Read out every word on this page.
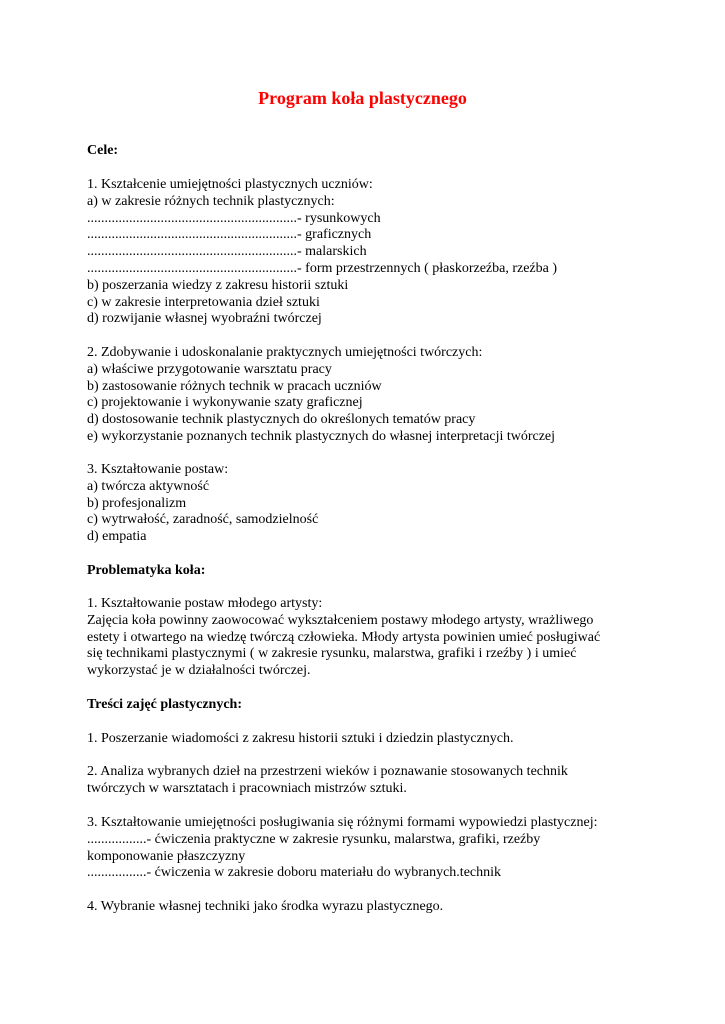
Program koła plastycznego
Cele:
1. Kształcenie umiejętności plastycznych uczniów:
a) w zakresie różnych technik plastycznych:
............................................................- rysunkowych
............................................................- graficznych
............................................................- malarskich
............................................................- form przestrzennych ( płaskorzeźba, rzeźba )
b) poszerzania wiedzy z zakresu historii sztuki
c) w zakresie interpretowania dzieł sztuki
d) rozwijanie własnej wyobraźni twórczej
2. Zdobywanie i udoskonalanie praktycznych umiejętności twórczych:
a) właściwe przygotowanie warsztatu pracy
b) zastosowanie różnych technik w pracach uczniów
c) projektowanie i wykonywanie szaty graficznej
d) dostosowanie technik plastycznych do określonych tematów pracy
e) wykorzystanie poznanych technik plastycznych do własnej interpretacji twórczej
3. Kształtowanie postaw:
a) twórcza aktywność
b) profesjonalizm
c) wytrwałość, zaradność, samodzielność
d) empatia
Problematyka koła:
1. Kształtowanie postaw młodego artysty:
Zajęcia koła powinny zaowocować wykształceniem postawy młodego artysty, wrażliwego
estety i otwartego na wiedzę twórczą człowieka. Młody artysta powinien umieć posługiwać
się technikami plastycznymi ( w zakresie rysunku, malarstwa, grafiki i rzeźby ) i umieć
wykorzystać je w działalności twórczej.
Treści zajęć plastycznych:
1. Poszerzanie wiadomości z zakresu historii sztuki i dziedzin plastycznych.
2. Analiza wybranych dzieł na przestrzeni wieków i poznawanie stosowanych technik
twórczych w warsztatach i pracowniach mistrzów sztuki.
3. Kształtowanie umiejętności posługiwania się różnymi formami wypowiedzi plastycznej:
.................- ćwiczenia praktyczne w zakresie rysunku, malarstwa, grafiki, rzeźby
komponowanie płaszczyzny
.................- ćwiczenia w zakresie doboru materiału do wybranych.technik
4. Wybranie własnej techniki jako środka wyrazu plastycznego.
